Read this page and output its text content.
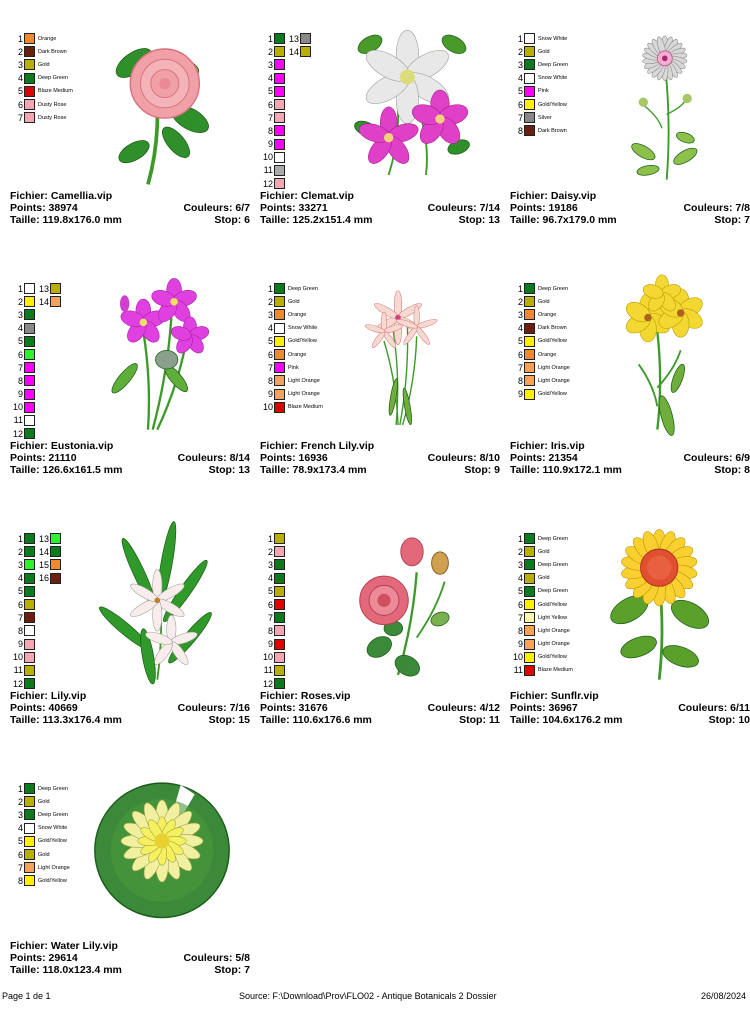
1	Orange
2	Dark Brown
3	Gold
4	Deep Green
5	Blaze Medium
6	Dusty Rose
7	Dusty Rose
Fichier: Camellia.vip
Points: 38974	Couleurs: 6/7
Taille: 119.8x176.0 mm	Stop: 6
1
2
3
4
5
6
7
8
9
10
11
12
13
14
Fichier: Clemat.vip
Points: 33271	Couleurs: 7/14
Taille: 125.2x151.4 mm	Stop: 13
1	Snow White
2	Gold
3	Deep Green
4	Snow White
5	Pink
6	Gold/Yellow
7	Silver
8	Dark Brown
Fichier: Daisy.vip
Points: 19186	Couleurs: 7/8
Taille: 96.7x179.0 mm	Stop: 7
1
2
3
4
5
6
7
8
9
10
11
12
13
14
Fichier: Eustonia.vip
Points: 21110	Couleurs: 8/14
Taille: 126.6x161.5 mm	Stop: 13
1	Deep Green
2	Gold
3	Orange
4	Snow White
5	Gold/Yellow
6	Orange
7	Pink
8	Light Orange
9	Light Orange
10	Blaze Medium
Fichier: French Lily.vip
Points: 16936	Couleurs: 8/10
Taille: 78.9x173.4 mm	Stop: 9
1	Deep Green
2	Gold
3	Orange
4	Dark Brown
5	Gold/Yellow
6	Orange
7	Light Orange
8	Light Orange
9	Gold/Yellow
Fichier: Iris.vip
Points: 21354	Couleurs: 6/9
Taille: 110.9x172.1 mm	Stop: 8
1
2
3
4
5
6
7
8
9
10
11
12
13
14
15
16
Fichier: Lily.vip
Points: 40669	Couleurs: 7/16
Taille: 113.3x176.4 mm	Stop: 15
1
2
3
4
5
6
7
8
9
10
11
12
Fichier: Roses.vip
Points: 31676	Couleurs: 4/12
Taille: 110.6x176.6 mm	Stop: 11
1	Deep Green
2	Gold
3	Deep Green
4	Gold
5	Deep Green
6	Gold/Yellow
7	Light Yellow
8	Light Orange
9	Light Orange
10	Gold/Yellow
11	Blaze Medium
Fichier: Sunflr.vip
Points: 36967	Couleurs: 6/11
Taille: 104.6x176.2 mm	Stop: 10
1	Deep Green
2	Gold
3	Deep Green
4	Snow White
5	Gold/Yellow
6	Gold
7	Light Orange
8	Gold/Yellow
Fichier: Water Lily.vip
Points: 29614	Couleurs: 5/8
Taille: 118.0x123.4 mm	Stop: 7
Page 1 de 1	Source: F:\Download\Prov\FLO02 - Antique Botanicals 2 Dossier	26/08/2024
